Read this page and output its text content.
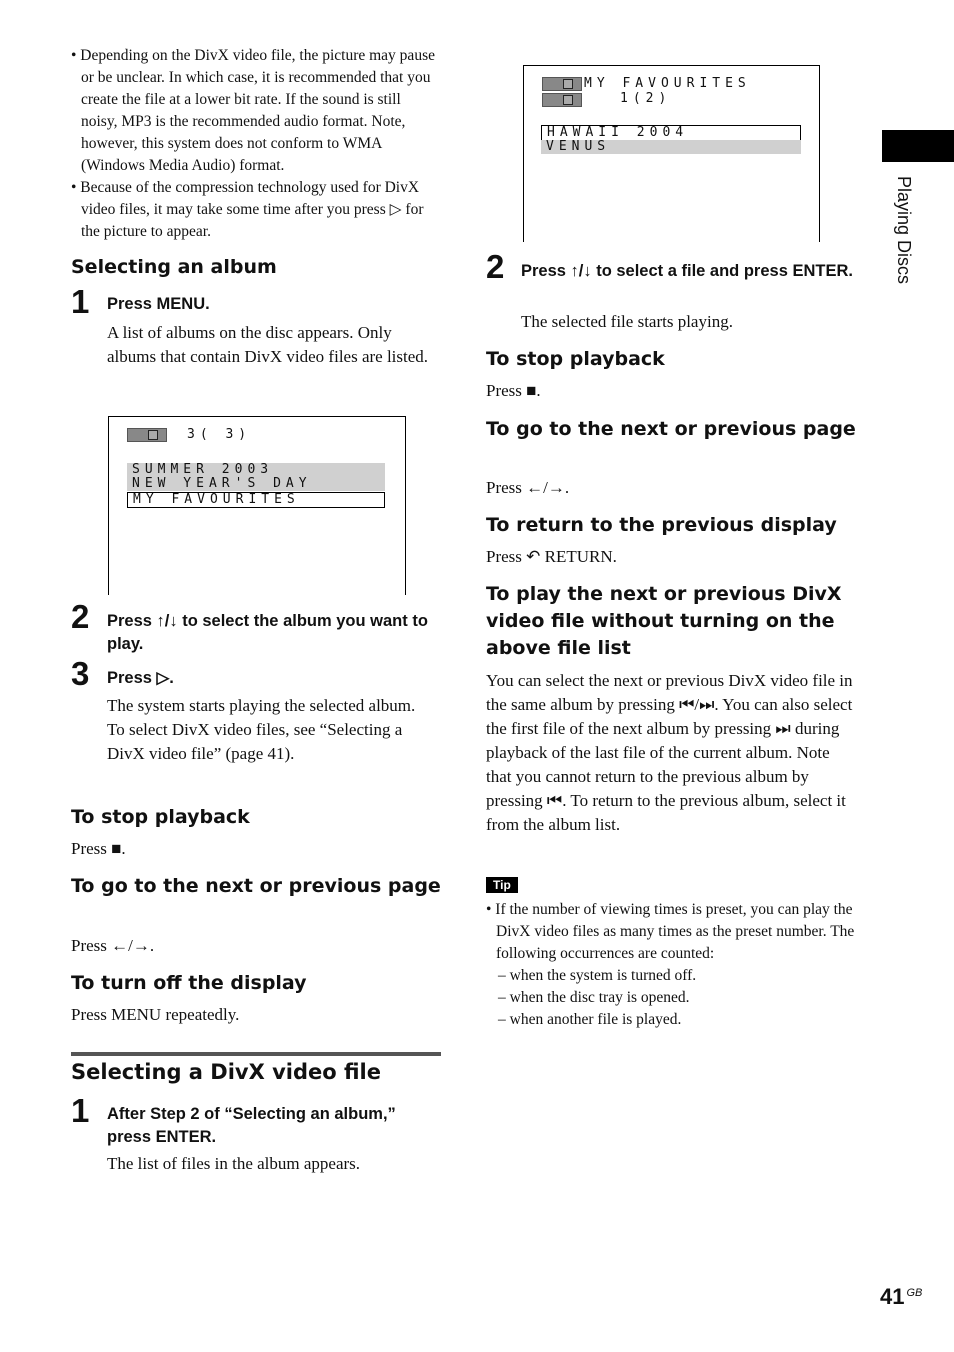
Playing Discs

• Depending on the DivX video file, the picture may pause or be unclear. In which case, it is recommended that you create the file at a lower bit rate. If the sound is still noisy, MP3 is the recommended audio format. Note, however, this system does not conform to WMA (Windows Media Audio) format.

• Because of the compression technology used for DivX video files, it may take some time after you press ▷ for the picture to appear.

Selecting an album
1 Press MENU.
A list of albums on the disc appears. Only albums that contain DivX video files are listed.
3( 3)
SUMMER 2003
NEW YEAR'S DAY
MY FAVOURITES
2 Press ↑/↓ to select the album you want to play.
3 Press ▷.
The system starts playing the selected album.
To select DivX video files, see “Selecting a DivX video file” (page 41).
To stop playback
Press ■.
To go to the next or previous page
Press ←/→.
To turn off the display
Press MENU repeatedly.
Selecting a DivX video file
1 After Step 2 of “Selecting an album,” press ENTER.
The list of files in the album appears.
MY FAVOURITES
1(2)
HAWAII 2004
VENUS
2 Press ↑/↓ to select a file and press ENTER.
The selected file starts playing.
To stop playback
Press ■.
To go to the next or previous page
Press ←/→.
To return to the previous display
Press ↶ RETURN.
To play the next or previous DivX video file without turning on the above file list
You can select the next or previous DivX video file in the same album by pressing ⏮/⏭. You can also select the first file of the next album by pressing ⏭ during playback of the last file of the current album. Note that you cannot return to the previous album by pressing ⏮. To return to the previous album, select it from the album list.
Tip

• If the number of viewing times is preset, you can play the DivX video files as many times as the preset number. The following occurrences are counted:

– when the system is turned off.

– when the disc tray is opened.

– when another file is played.

41 $^{GB}$
